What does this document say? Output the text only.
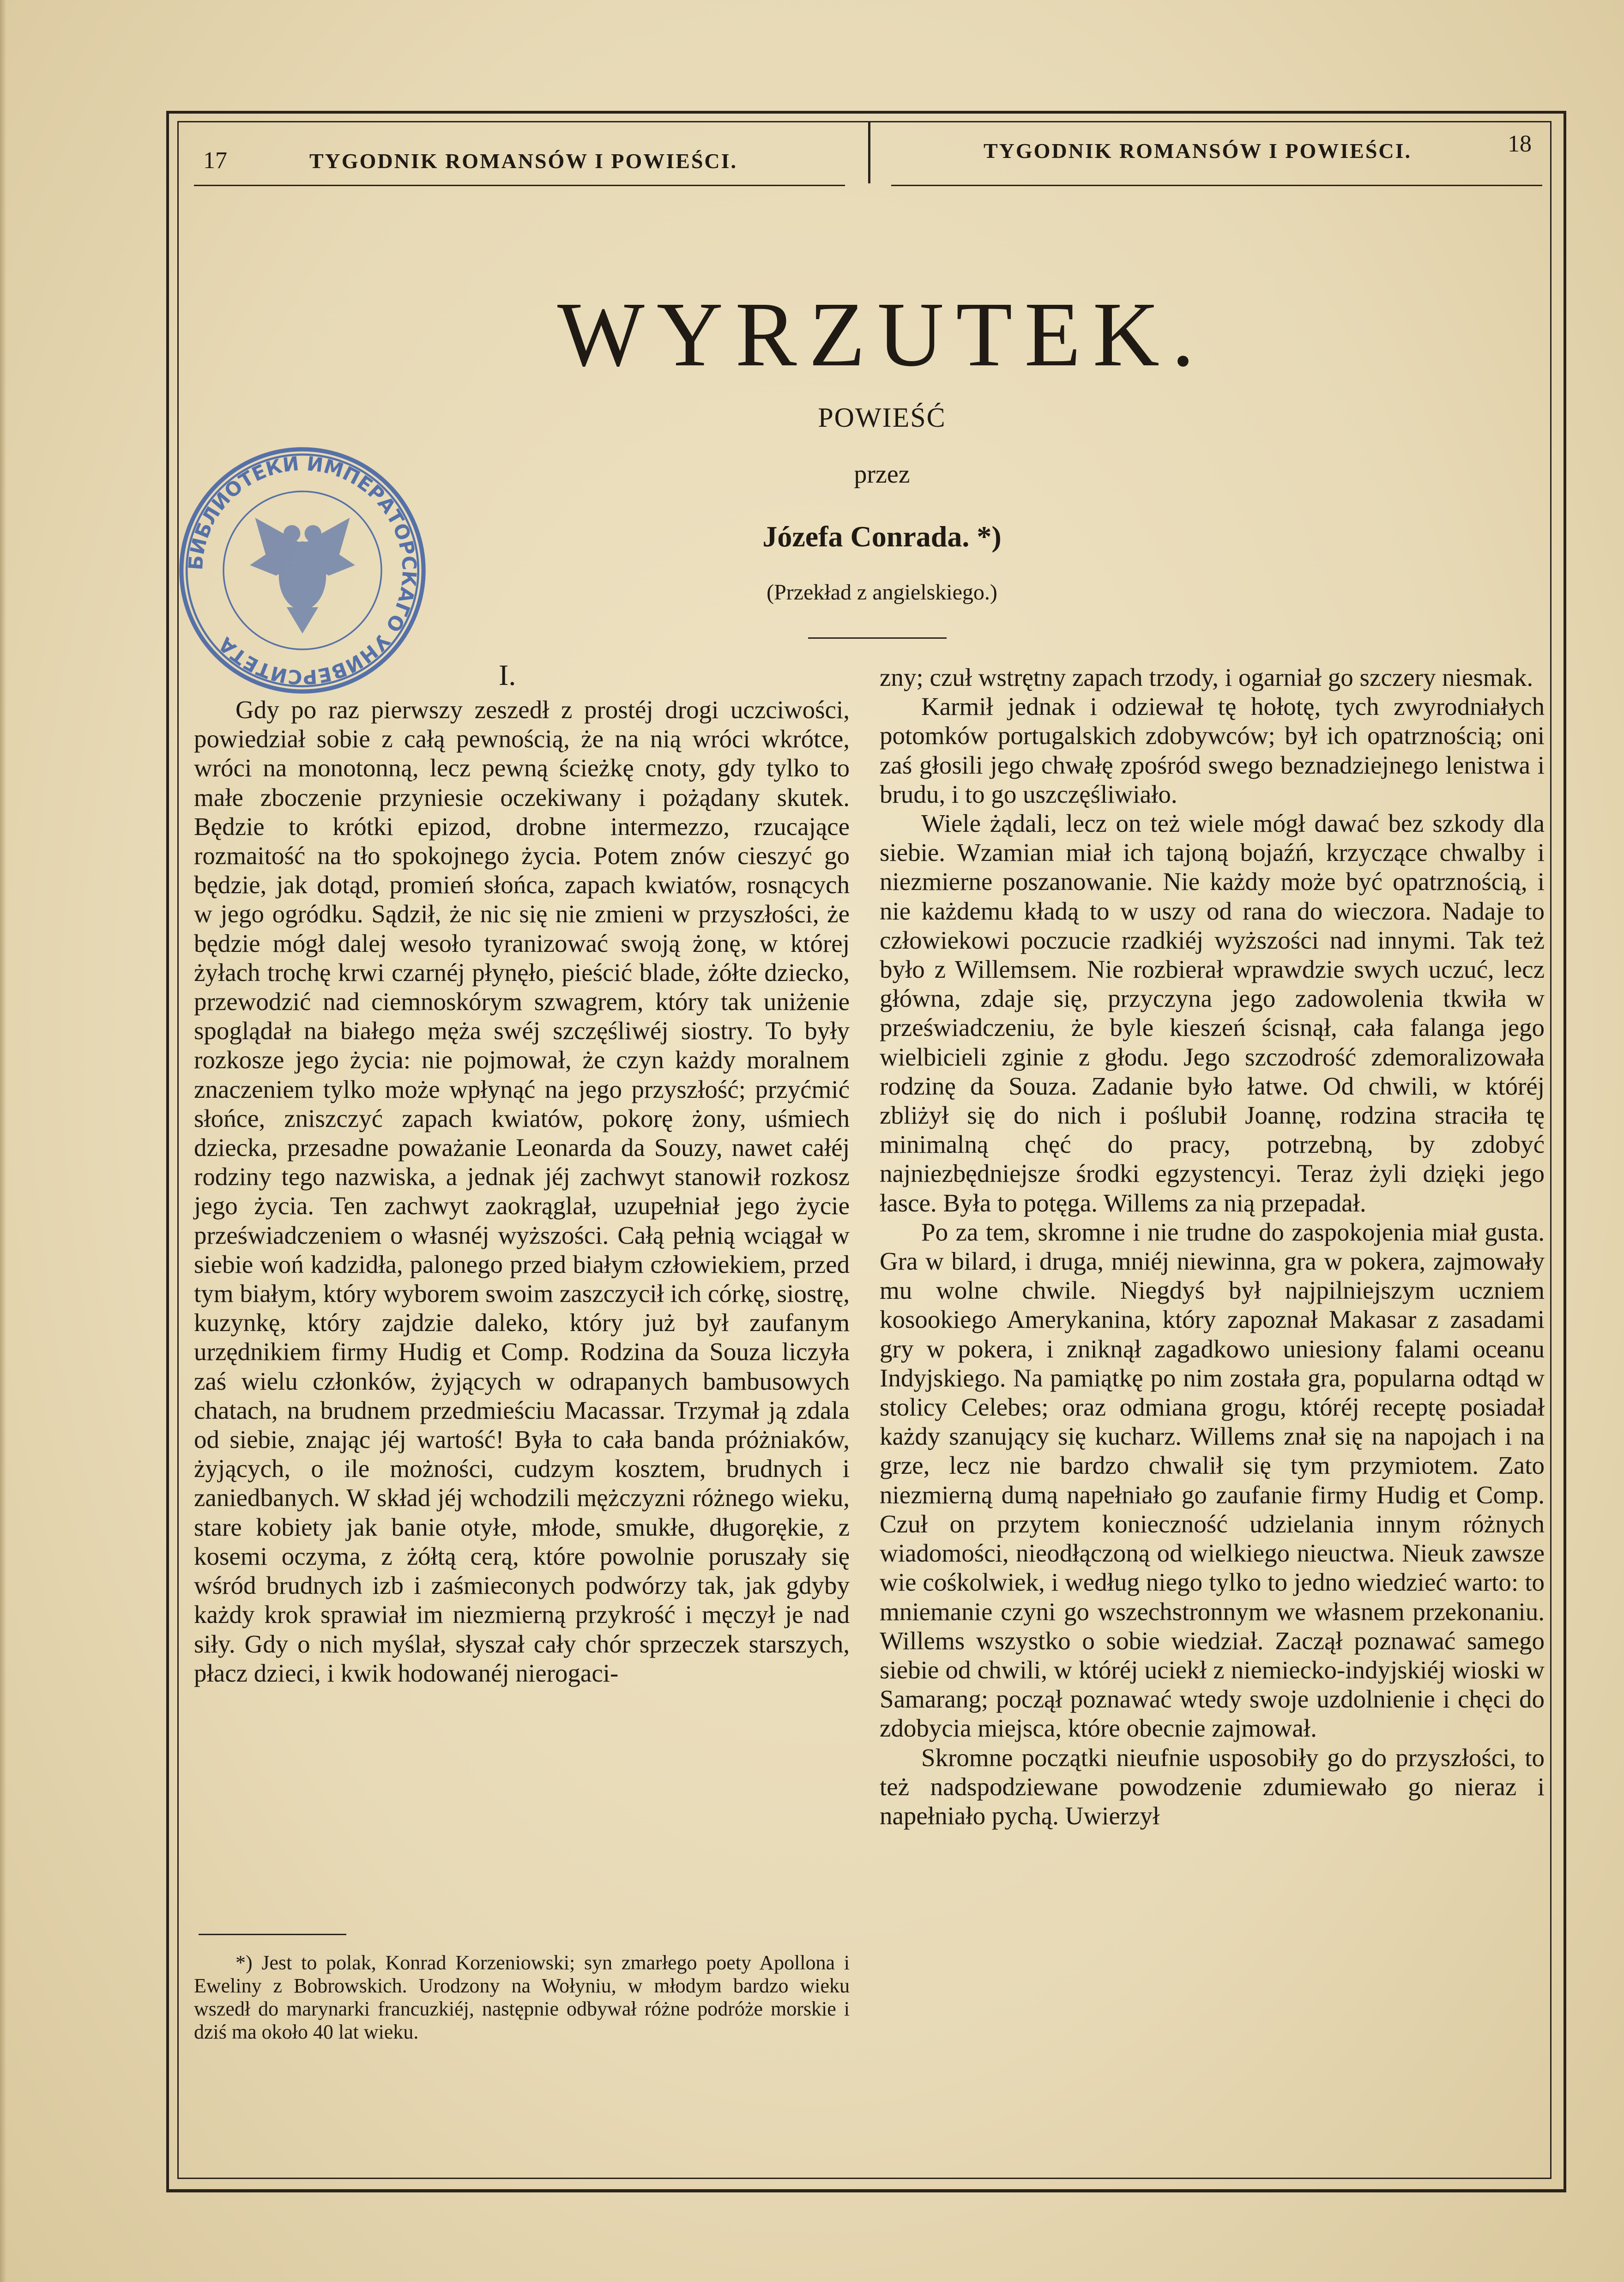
17	TYGODNIK ROMANSÓW I POWIEŚCI.	TYGODNIK ROMANSÓW I POWIEŚCI.	18
БИБЛИОТЕКИ ИМПЕРАТОРСКАГО УНИВЕРСИТЕТА
WYRZUTEK.
POWIEŚĆ
przez
Józefa Conrada. *)
(Przekład z angielskiego.)
I.

Gdy po raz pierwszy zeszedł z prostéj drogi uczciwości, powiedział sobie z całą pewnością, że na nią wróci wkrótce, wróci na monotonną, lecz pewną ścieżkę cnoty, gdy tylko to małe zboczenie przyniesie oczekiwany i pożądany skutek. Będzie to krótki epizod, drobne intermezzo, rzucające rozmaitość na tło spokojnego życia. Potem znów cieszyć go będzie, jak dotąd, promień słońca, zapach kwiatów, rosnących w jego ogródku. Sądził, że nic się nie zmieni w przyszłości, że będzie mógł dalej wesoło tyranizować swoją żonę, w której żyłach trochę krwi czarnéj płynęło, pieścić blade, żółte dziecko, przewodzić nad ciemnoskórym szwagrem, który tak uniżenie spoglądał na białego męża swéj szczęśliwéj siostry. To były rozkosze jego życia: nie pojmował, że czyn każdy moralnem znaczeniem tylko może wpłynąć na jego przyszłość; przyćmić słońce, zniszczyć zapach kwiatów, pokorę żony, uśmiech dziecka, przesadne poważanie Leonarda da Souzy, nawet całéj rodziny tego nazwiska, a jednak jéj zachwyt stanowił rozkosz jego życia. Ten zachwyt zaokrąglał, uzupełniał jego życie przeświadczeniem o własnéj wyższości. Całą pełnią wciągał w siebie woń kadzidła, palonego przed białym człowiekiem, przed tym białym, który wyborem swoim zaszczycił ich córkę, siostrę, kuzynkę, który zajdzie daleko, który już był zaufanym urzędnikiem firmy Hudig et Comp. Rodzina da Souza liczyła zaś wielu członków, żyjących w odrapanych bambusowych chatach, na brudnem przedmieściu Macassar. Trzymał ją zdala od siebie, znając jéj wartość! Była to cała banda próżniaków, żyjących, o ile możności, cudzym kosztem, brudnych i zaniedbanych. W skład jéj wchodzili mężczyzni różnego wieku, stare kobiety jak banie otyłe, młode, smukłe, długorękie, z kosemi oczyma, z żółtą cerą, które powolnie poruszały się wśród brudnych izb i zaśmieconych podwórzy tak, jak gdyby każdy krok sprawiał im niezmierną przykrość i męczył je nad siły. Gdy o nich myślał, słyszał cały chór sprzeczek starszych, płacz dzieci, i kwik hodowanéj nierogaci-

*) Jest to polak, Konrad Korzeniowski; syn zmarłego poety Apollona i Eweliny z Bobrowskich. Urodzony na Wołyniu, w młodym bardzo wieku wszedł do marynarki francuzkiéj, następnie odbywał różne podróże morskie i dziś ma około 40 lat wieku.

zny; czuł wstrętny zapach trzody, i ogarniał go szczery niesmak.

Karmił jednak i odziewał tę hołotę, tych zwyrodniałych potomków portugalskich zdobywców; był ich opatrznością; oni zaś głosili jego chwałę zpośród swego beznadziejnego lenistwa i brudu, i to go uszczęśliwiało.

Wiele żądali, lecz on też wiele mógł dawać bez szkody dla siebie. Wzamian miał ich tajoną bojaźń, krzyczące chwalby i niezmierne poszanowanie. Nie każdy może być opatrznością, i nie każdemu kładą to w uszy od rana do wieczora. Nadaje to człowiekowi poczucie rzadkiéj wyższości nad innymi. Tak też było z Willemsem. Nie rozbierał wprawdzie swych uczuć, lecz główna, zdaje się, przyczyna jego zadowolenia tkwiła w przeświadczeniu, że byle kieszeń ścisnął, cała falanga jego wielbicieli zginie z głodu. Jego szczodrość zdemoralizowała rodzinę da Souza. Zadanie było łatwe. Od chwili, w któréj zbliżył się do nich i poślubił Joannę, rodzina straciła tę minimalną chęć do pracy, potrzebną, by zdobyć najniezbędniejsze środki egzystencyi. Teraz żyli dzięki jego łasce. Była to potęga. Willems za nią przepadał.

Po za tem, skromne i nie trudne do zaspokojenia miał gusta. Gra w bilard, i druga, mniéj niewinna, gra w pokera, zajmowały mu wolne chwile. Niegdyś był najpilniejszym uczniem kosookiego Amerykanina, który zapoznał Makasar z zasadami gry w pokera, i zniknął zagadkowo uniesiony falami oceanu Indyjskiego. Na pamiątkę po nim została gra, popularna odtąd w stolicy Celebes; oraz odmiana grogu, któréj receptę posiadał każdy szanujący się kucharz. Willems znał się na napojach i na grze, lecz nie bardzo chwalił się tym przymiotem. Zato niezmierną dumą napełniało go zaufanie firmy Hudig et Comp. Czuł on przytem konieczność udzielania innym różnych wiadomości, nieodłączoną od wielkiego nieuctwa. Nieuk zawsze wie cośkolwiek, i według niego tylko to jedno wiedzieć warto: to mniemanie czyni go wszechstronnym we własnem przekonaniu. Willems wszystko o sobie wiedział. Zaczął poznawać samego siebie od chwili, w któréj uciekł z niemiecko-indyjskiéj wioski w Samarang; począł poznawać wtedy swoje uzdolnienie i chęci do zdobycia miejsca, które obecnie zajmował.

Skromne początki nieufnie usposobiły go do przyszłości, to też nadspodziewane powodzenie zdumiewało go nieraz i napełniało pychą. Uwierzył
